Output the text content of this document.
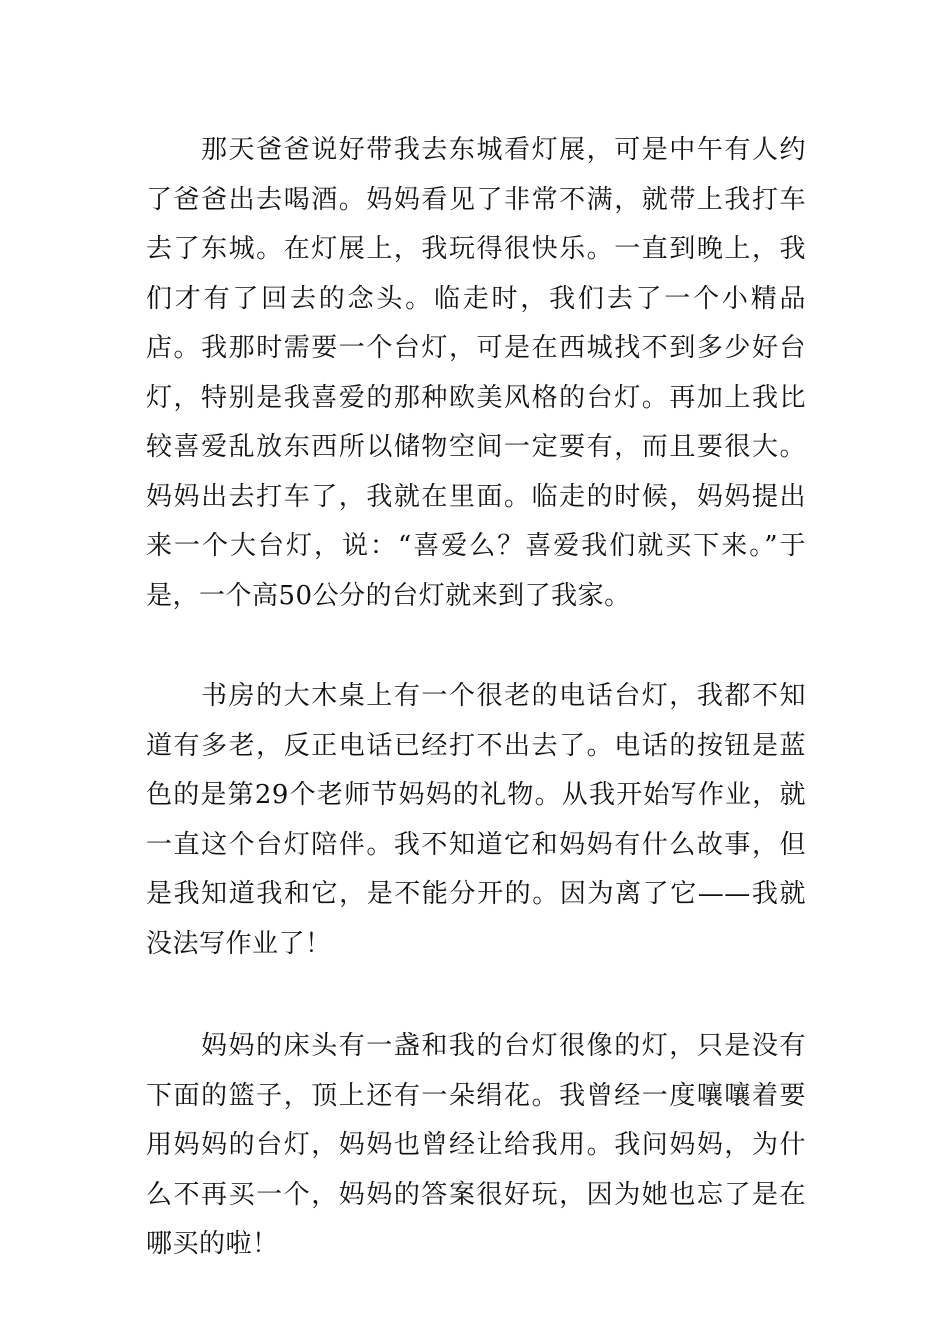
那天爸爸说好带我去东城看灯展，可是中午有人约了爸爸出去喝酒。妈妈看见了非常不满，就带上我打车去了东城。在灯展上，我玩得很快乐。一直到晚上，我们才有了回去的念头。临走时，我们去了一个小精品店。我那时需要一个台灯，可是在西城找不到多少好台灯，特别是我喜爱的那种欧美风格的台灯。再加上我比较喜爱乱放东西所以储物空间一定要有，而且要很大。妈妈出去打车了，我就在里面。临走的时候，妈妈提出来一个大台灯，说：“喜爱么？喜爱我们就买下来。”于是，一个高50公分的台灯就来到了我家。

书房的大木桌上有一个很老的电话台灯，我都不知道有多老，反正电话已经打不出去了。电话的按钮是蓝色的是第29个老师节妈妈的礼物。从我开始写作业，就一直这个台灯陪伴。我不知道它和妈妈有什么故事，但是我知道我和它，是不能分开的。因为离了它——我就没法写作业了！

妈妈的床头有一盏和我的台灯很像的灯，只是没有下面的篮子，顶上还有一朵绢花。我曾经一度嚷嚷着要用妈妈的台灯，妈妈也曾经让给我用。我问妈妈，为什么不再买一个，妈妈的答案很好玩，因为她也忘了是在哪买的啦！
